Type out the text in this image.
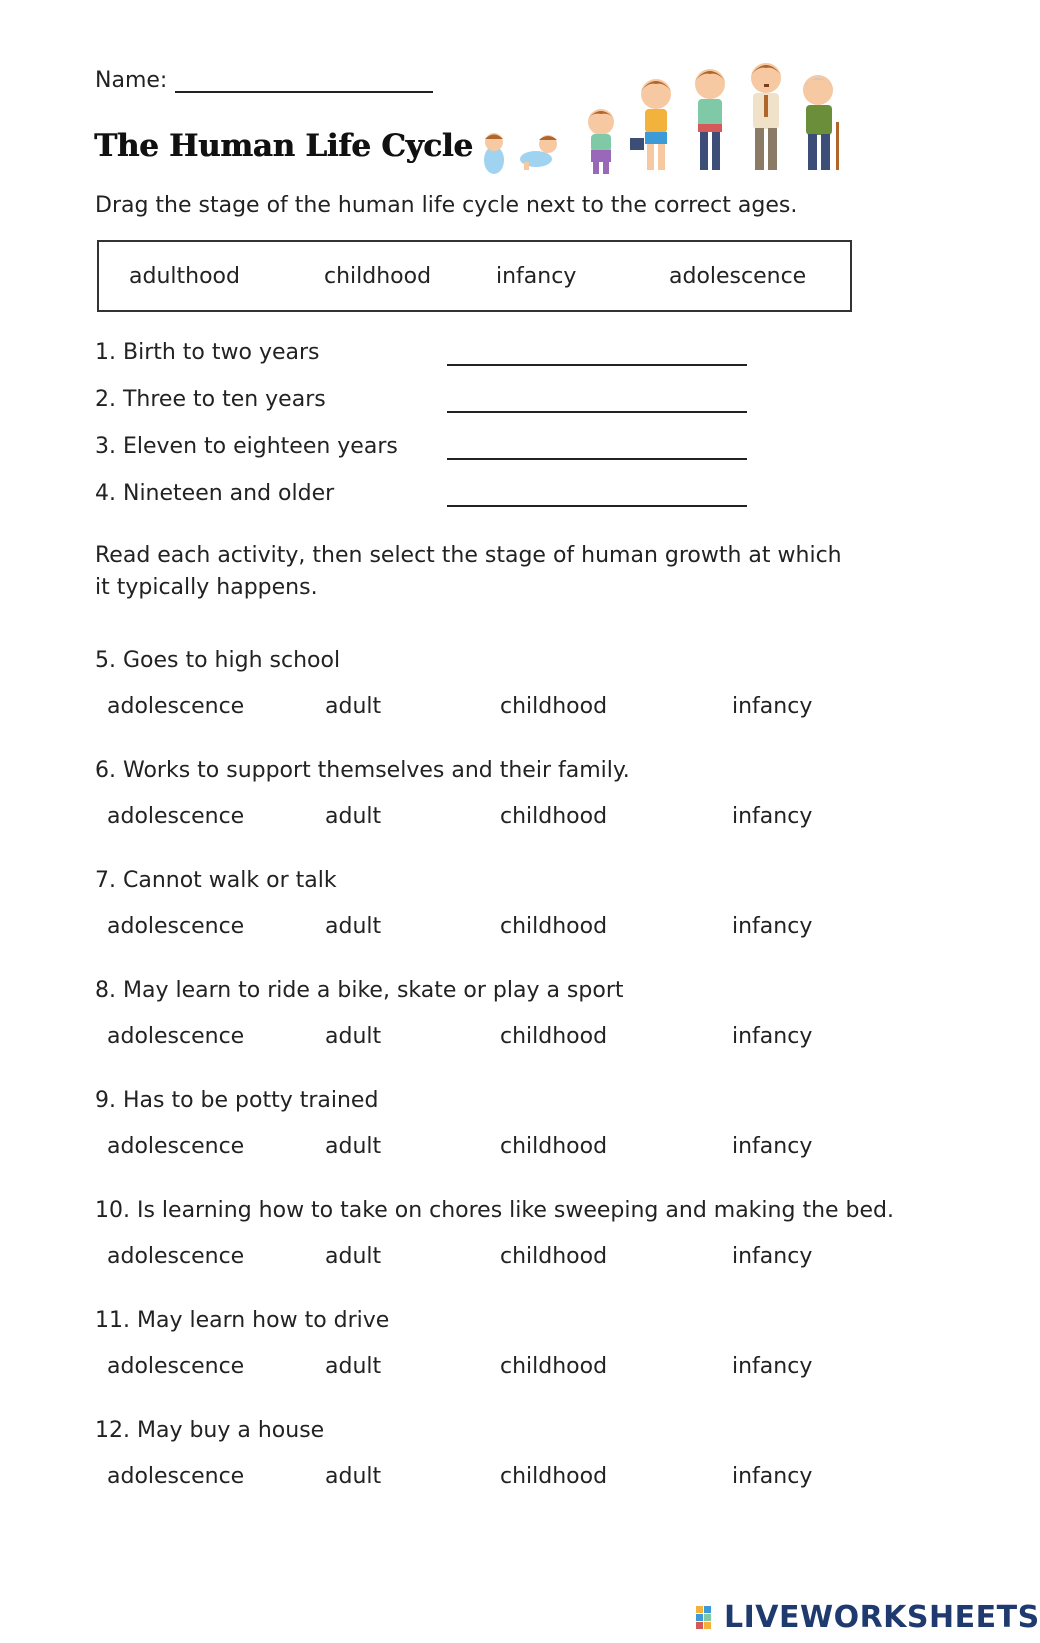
Name:
The Human Life Cycle
Drag the stage of the human life cycle next to the correct ages.
adulthood	childhood	infancy	adolescence
1. Birth to two years
2. Three to ten years
3. Eleven to eighteen years
4. Nineteen and older
Read each activity, then select the stage of human growth at which it typically happens.
5. Goes to high school
adolescence	adult	childhood	infancy
6. Works to support themselves and their family.
adolescence	adult	childhood	infancy
7. Cannot walk or talk
adolescence	adult	childhood	infancy
8. May learn to ride a bike, skate or play a sport
adolescence	adult	childhood	infancy
9. Has to be potty trained
adolescence	adult	childhood	infancy
10. Is learning how to take on chores like sweeping and making the bed.
adolescence	adult	childhood	infancy
11. May learn how to drive
adolescence	adult	childhood	infancy
12. May buy a house
adolescence	adult	childhood	infancy
LIVEWORKSHEETS
